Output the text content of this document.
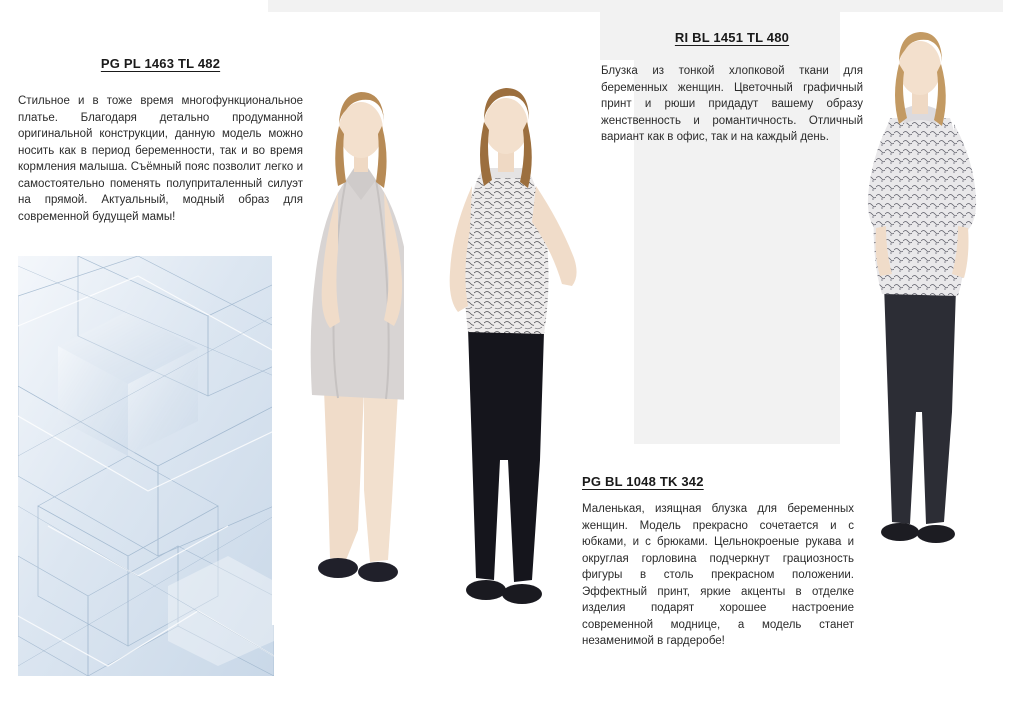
PG PL 1463 TL 482

Стильное и в тоже время многофункциональное платье. Благодаря детально продуманной оригинальной конструкции, данную модель можно носить как в период беременности, так и во время кормления малыша. Съёмный пояс позволит легко и самостоятельно поменять полуприталенный силуэт на прямой. Актуальный, модный образ для современной будущей мамы!

RI BL 1451 TL 480

Блузка из тонкой хлопковой ткани для беременных женщин. Цветочный графичный принт и рюши придадут вашему образу женственность и романтичность. Отличный вариант как в офис, так и на каждый день.

PG BL 1048 TK 342

Маленькая, изящная блузка для беременных женщин. Модель прекрасно сочетается и с юбками, и с брюками. Цельнокроеные рукава и округлая горловина подчеркнут грациозность фигуры в столь прекрасном положении. Эффектный принт, яркие акценты в отделке изделия подарят хорошее настроение современной моднице, а модель станет незаменимой в гардеробе!
